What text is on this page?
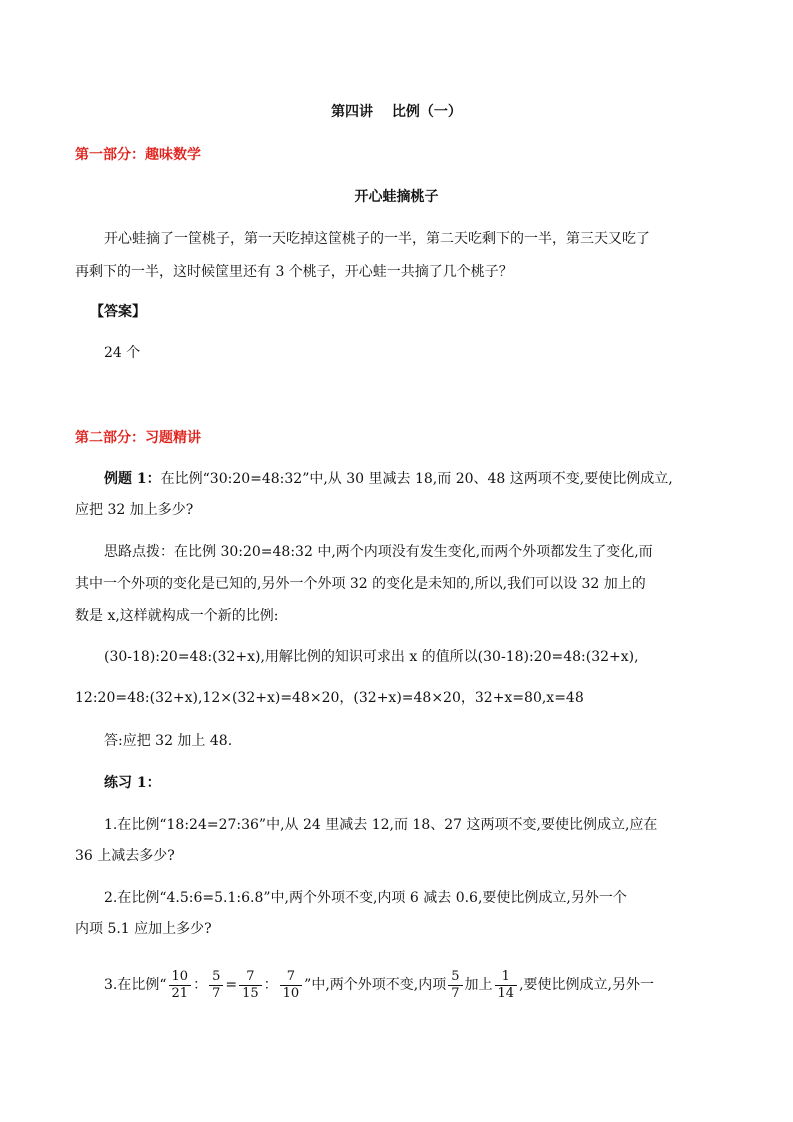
第四讲　 比例（一）
第一部分：趣味数学
开心蛙摘桃子
开心蛙摘了一筐桃子，第一天吃掉这筐桃子的一半，第二天吃剩下的一半，第三天又吃了
再剩下的一半，这时候筐里还有 3 个桃子，开心蛙一共摘了几个桃子？
【答案】
24 个
第二部分：习题精讲
例题 1：在比例“30:20=48:32”中,从 30 里减去 18,而 20、48 这两项不变,要使比例成立,
应把 32 加上多少?
思路点拨：在比例 30:20=48:32 中,两个内项没有发生变化,而两个外项都发生了变化,而
其中一个外项的变化是已知的,另外一个外项 32 的变化是未知的,所以,我们可以设 32 加上的
数是 x,这样就构成一个新的比例:
(30-18):20=48:(32+x),用解比例的知识可求出 x 的值所以(30-18):20=48:(32+x),
12:20=48:(32+x),12×(32+x)=48×20，(32+x)=48×20，32+x=80,x=48
答:应把 32 加上 48.
练习 1：
1.在比例“18:24=27:36”中,从 24 里减去 12,而 18、27 这两项不变,要使比例成立,应在
36 上减去多少?
2.在比例“4.5:6=5.1:6.8”中,两个外项不变,内项 6 减去 0.6,要使比例成立,另外一个
内项 5.1 应加上多少?
3.在比例“ $\frac{10}{21}$ ： $\frac{5}{7} = \frac{7}{15}$ ： $\frac{7}{10}$ ”中,两个外项不变,内项 $\frac{5}{7}$ 加上 $\frac{1}{14}$ ,要使比例成立,另外一
